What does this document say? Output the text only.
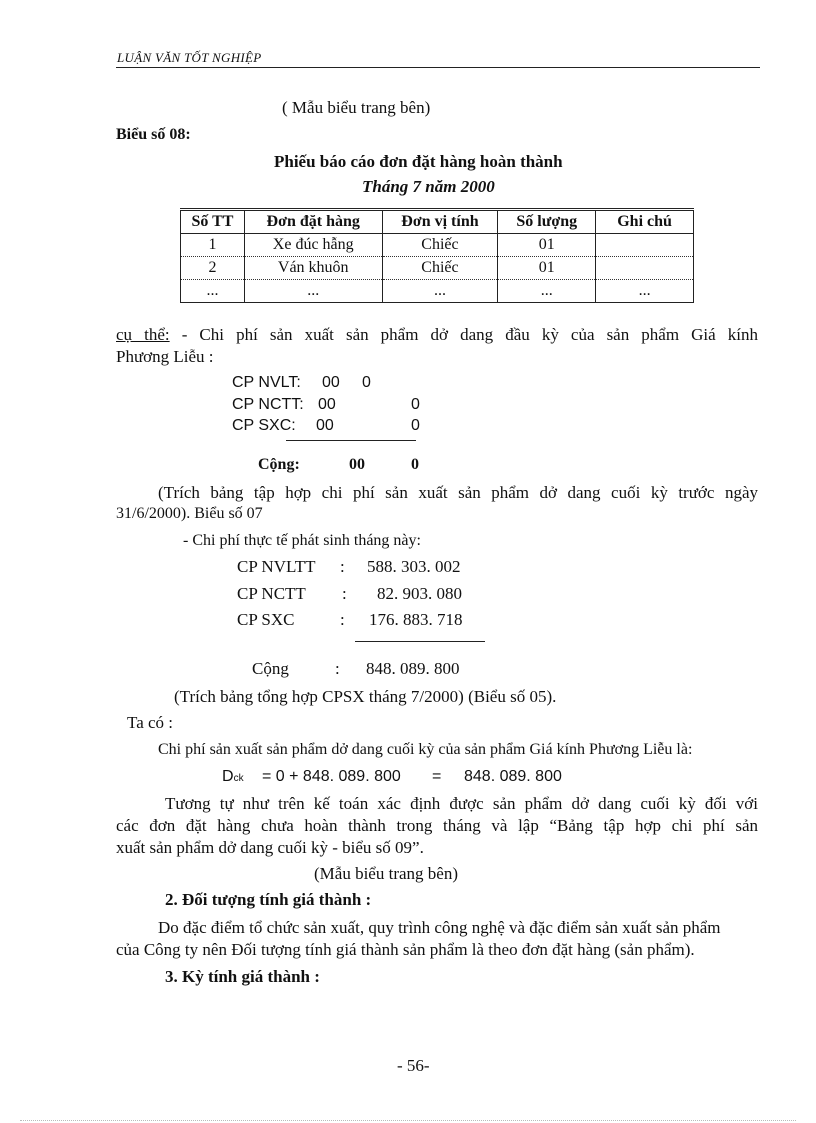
LUẬN VĂN TỐT NGHIỆP
( Mẫu biểu trang bên)
Biểu số 08:
Phiếu báo cáo đơn đặt hàng hoàn thành
Tháng 7 năm 2000
Số TT	Đơn đặt hàng	Đơn vị tính	Số lượng	Ghi chú
1	Xe đúc hẫng	Chiếc	01	
2	Ván khuôn	Chiếc	01	
...	...	...	...	...
cụ thể: - Chi phí sản xuất sản phẩm dở dang đầu kỳ của sản phẩm Giá kính
Phương Liễu :
CP NVLT: 00 0
CP NCTT: 00	0
CP SXC: 00	0
Cộng:	00	0
(Trích bảng tập hợp chi phí sản xuất sản phẩm dở dang cuối kỳ trước ngày
31/6/2000). Biểu số 07
- Chi phí thực tế phát sinh tháng này:
CP NVLTT : 588. 303. 002
CP NCTT : 82. 903. 080
CP SXC	: 176. 883. 718
Cộng	: 848. 089. 800
(Trích bảng tổng hợp CPSX tháng 7/2000) (Biểu số 05).
Ta có :
Chi phí sản xuất sản phẩm dở dang cuối kỳ của sản phẩm Giá kính Phương Liễu là:
Dck = 0 + 848. 089. 800 = 848. 089. 800
Tương tự như trên kế toán xác định được sản phẩm dở dang cuối kỳ đối với
các đơn đặt hàng chưa hoàn thành trong tháng và lập “Bảng tập hợp chi phí sản
xuất sản phẩm dở dang cuối kỳ - biểu số 09”.
(Mẫu biểu trang bên)
2. Đối tượng tính giá thành :
Do đặc điểm tổ chức sản xuất, quy trình công nghệ và đặc điểm sản xuất sản phẩm
của Công ty nên Đối tượng tính giá thành sản phẩm là theo đơn đặt hàng (sản phẩm).
3. Kỳ tính giá thành :
- 56-
